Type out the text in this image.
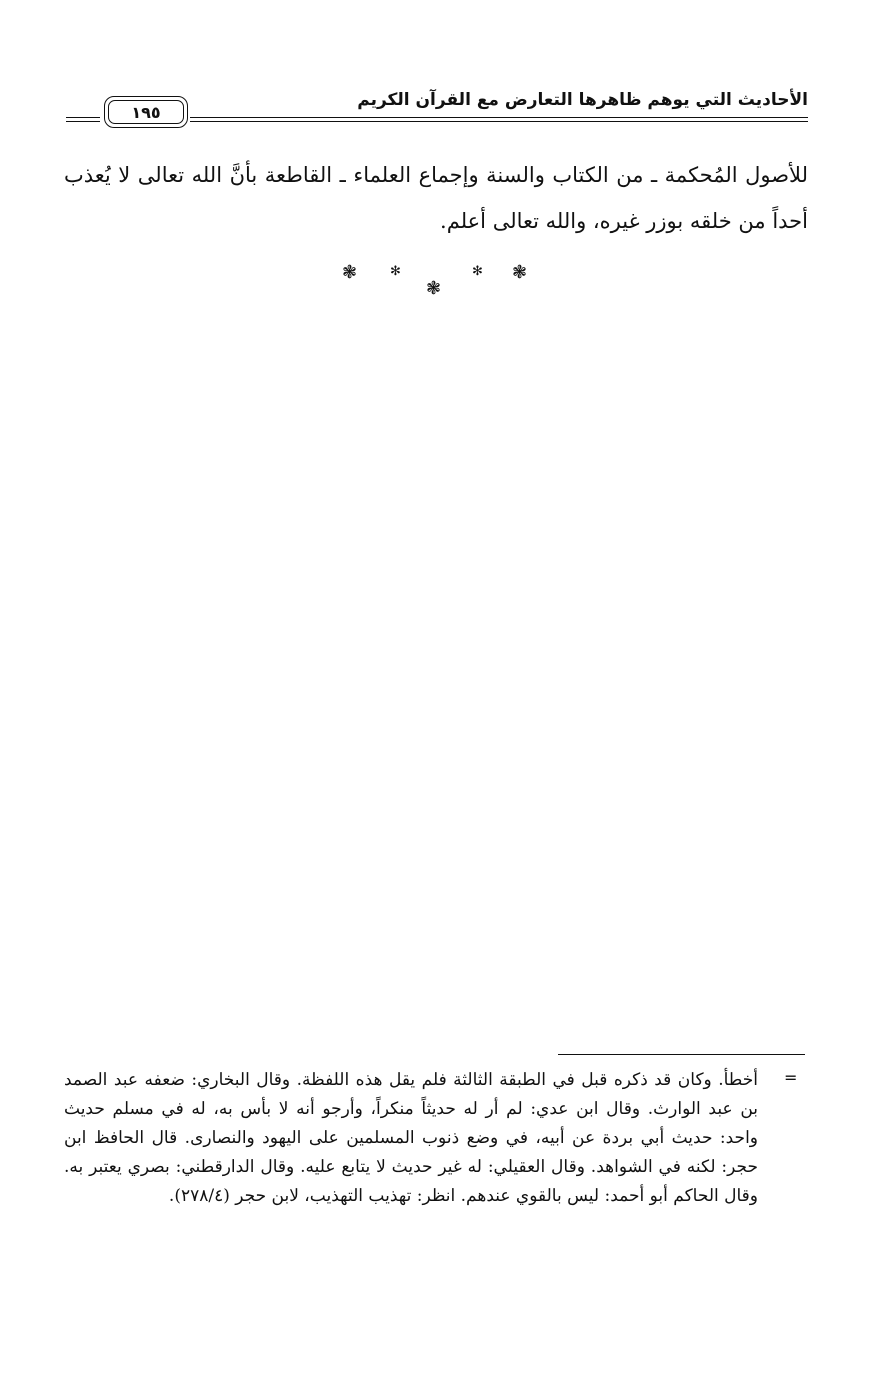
الأحاديث التي يوهم ظاهرها التعارض مع القرآن الكريم
١٩٥

للأصول المُحكمة ـ من الكتاب والسنة وإجماع العلماء ـ القاطعة بأنَّ الله تعالى لا يُعذب أحداً من خلقه بوزر غيره، والله تعالى أعلم.

❃	✻
❃
✻ ❃
=

أخطأ. وكان قد ذكره قبل في الطبقة الثالثة فلم يقل هذه اللفظة. وقال البخاري: ضعفه عبد الصمد بن عبد الوارث. وقال ابن عدي: لم أر له حديثاً منكراً، وأرجو أنه لا بأس به، له في مسلم حديث واحد: حديث أبي بردة عن أبيه، في وضع ذنوب المسلمين على اليهود والنصارى. قال الحافظ ابن حجر: لكنه في الشواهد. وقال العقيلي: له غير حديث لا يتابع عليه. وقال الدارقطني: بصري يعتبر به. وقال الحاكم أبو أحمد: ليس بالقوي عندهم. انظر: تهذيب التهذيب، لابن حجر (٢٧٨/٤).
